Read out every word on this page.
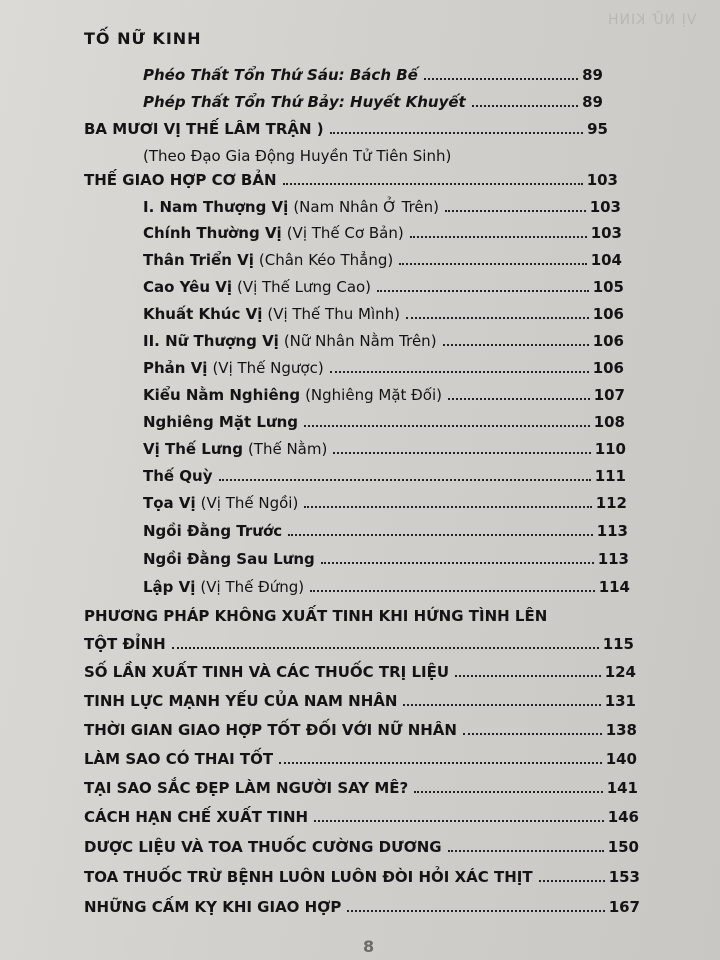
VỊ NỮ KINH
TỐ NỮ KINH
Phéo Thất Tổn Thứ Sáu: Bách Bế	89
Phép Thất Tổn Thứ Bảy: Huyết Khuyết	89
BA MƯƠI VỊ THẾ LÂM TRẬN )	95
(Theo Đạo Gia Động Huyền Tử Tiên Sinh)
THẾ GIAO HỢP CƠ BẢN	103
I. Nam Thượng Vị (Nam Nhân Ở Trên)	103
Chính Thường Vị (Vị Thế Cơ Bản)	103
Thân Triển Vị (Chân Kéo Thẳng)	104
Cao Yêu Vị (Vị Thế Lưng Cao)	105
Khuất Khúc Vị (Vị Thế Thu Mình)	106
II. Nữ Thượng Vị (Nữ Nhân Nằm Trên)	106
Phản Vị (Vị Thế Ngược)	106
Kiểu Nằm Nghiêng (Nghiêng Mặt Đối)	107
Nghiêng Mặt Lưng	108
Vị Thế Lưng (Thế Nằm)	110
Thế Quỳ	111
Tọa Vị (Vị Thế Ngồi)	112
Ngồi Đằng Trước	113
Ngồi Đằng Sau Lưng	113
Lập Vị (Vị Thế Đứng)	114
PHƯƠNG PHÁP KHÔNG XUẤT TINH KHI HỨNG TÌNH LÊN
TỘT ĐỈNH	115
SỐ LẦN XUẤT TINH VÀ CÁC THUỐC TRỊ LIỆU	124
TINH LỰC MẠNH YẾU CỦA NAM NHÂN	131
THỜI GIAN GIAO HỢP TỐT ĐỐI VỚI NỮ NHÂN	138
LÀM SAO CÓ THAI TỐT	140
TẠI SAO SẮC ĐẸP LÀM NGƯỜI SAY MÊ?	141
CÁCH HẠN CHẾ XUẤT TINH	146
DƯỢC LIỆU VÀ TOA THUỐC CƯỜNG DƯƠNG	150
TOA THUỐC TRỪ BỆNH LUÔN LUÔN ĐÒI HỎI XÁC THỊT	153
NHỮNG CẤM KỴ KHI GIAO HỢP	167
8
